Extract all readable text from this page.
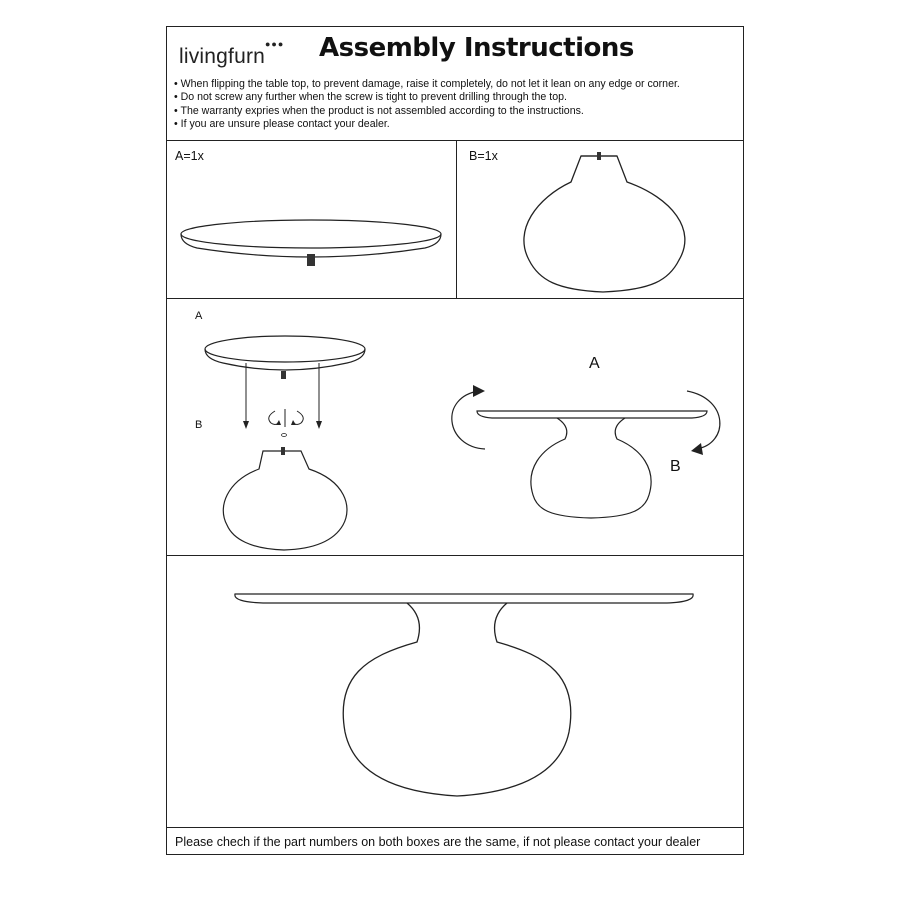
●●●
livingfurn Assembly Instructions
• When flipping the table top, to prevent damage, raise it completely, do not let it lean on any edge or corner.
• Do not screw any further when the screw is tight to prevent drilling through the top.
• The warranty expries when the product is not assembled according to the instructions.
• If you are unsure please contact your dealer.
A=1x	B=1x
A
B
A
B
Please chech if the part numbers on both boxes are the same, if not please contact your dealer
